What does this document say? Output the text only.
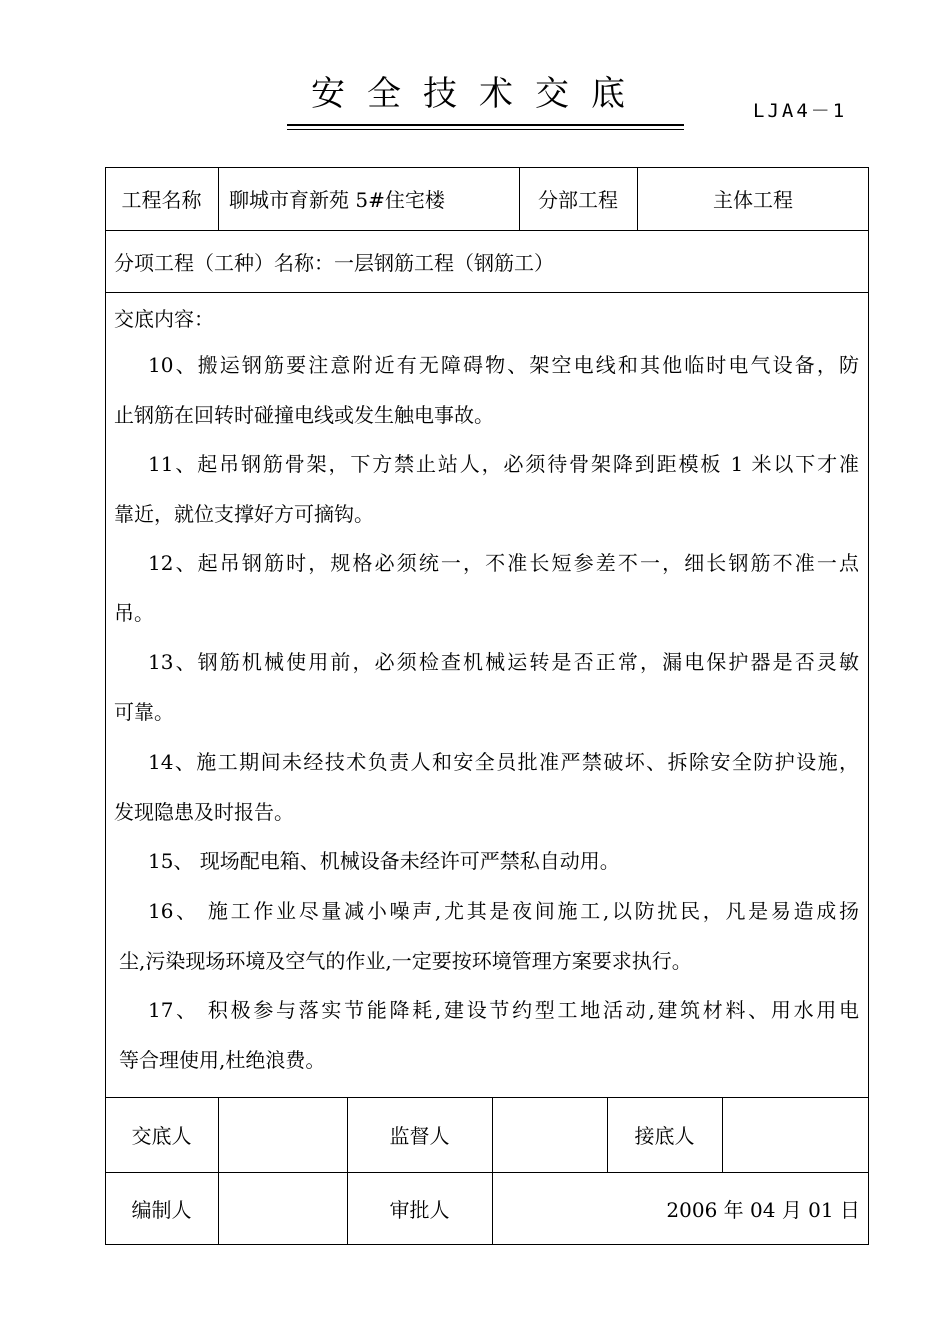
安全技术交底	LJA4－1
工程名称	聊城市育新苑 5#住宅楼	分部工程	主体工程
分项工程（工种）名称：一层钢筋工程（钢筋工）
交底内容：
10、搬运钢筋要注意附近有无障碍物、架空电线和其他临时电气设备，防
止钢筋在回转时碰撞电线或发生触电事故。
11、起吊钢筋骨架，下方禁止站人，必须待骨架降到距模板 1 米以下才准
靠近，就位支撑好方可摘钩。
12、起吊钢筋时，规格必须统一，不准长短参差不一，细长钢筋不准一点
吊。
13、钢筋机械使用前，必须检查机械运转是否正常，漏电保护器是否灵敏
可靠。
14、施工期间未经技术负责人和安全员批准严禁破坏、拆除安全防护设施，
发现隐患及时报告。
15、 现场配电箱、机械设备未经许可严禁私自动用。
16、 施工作业尽量减小噪声,尤其是夜间施工,以防扰民，凡是易造成扬
尘,污染现场环境及空气的作业,一定要按环境管理方案要求执行。
17、 积极参与落实节能降耗,建设节约型工地活动,建筑材料、用水用电
等合理使用,杜绝浪费。
交底人	监督人	接底人
编制人	审批人	2006 年 04 月 01 日
